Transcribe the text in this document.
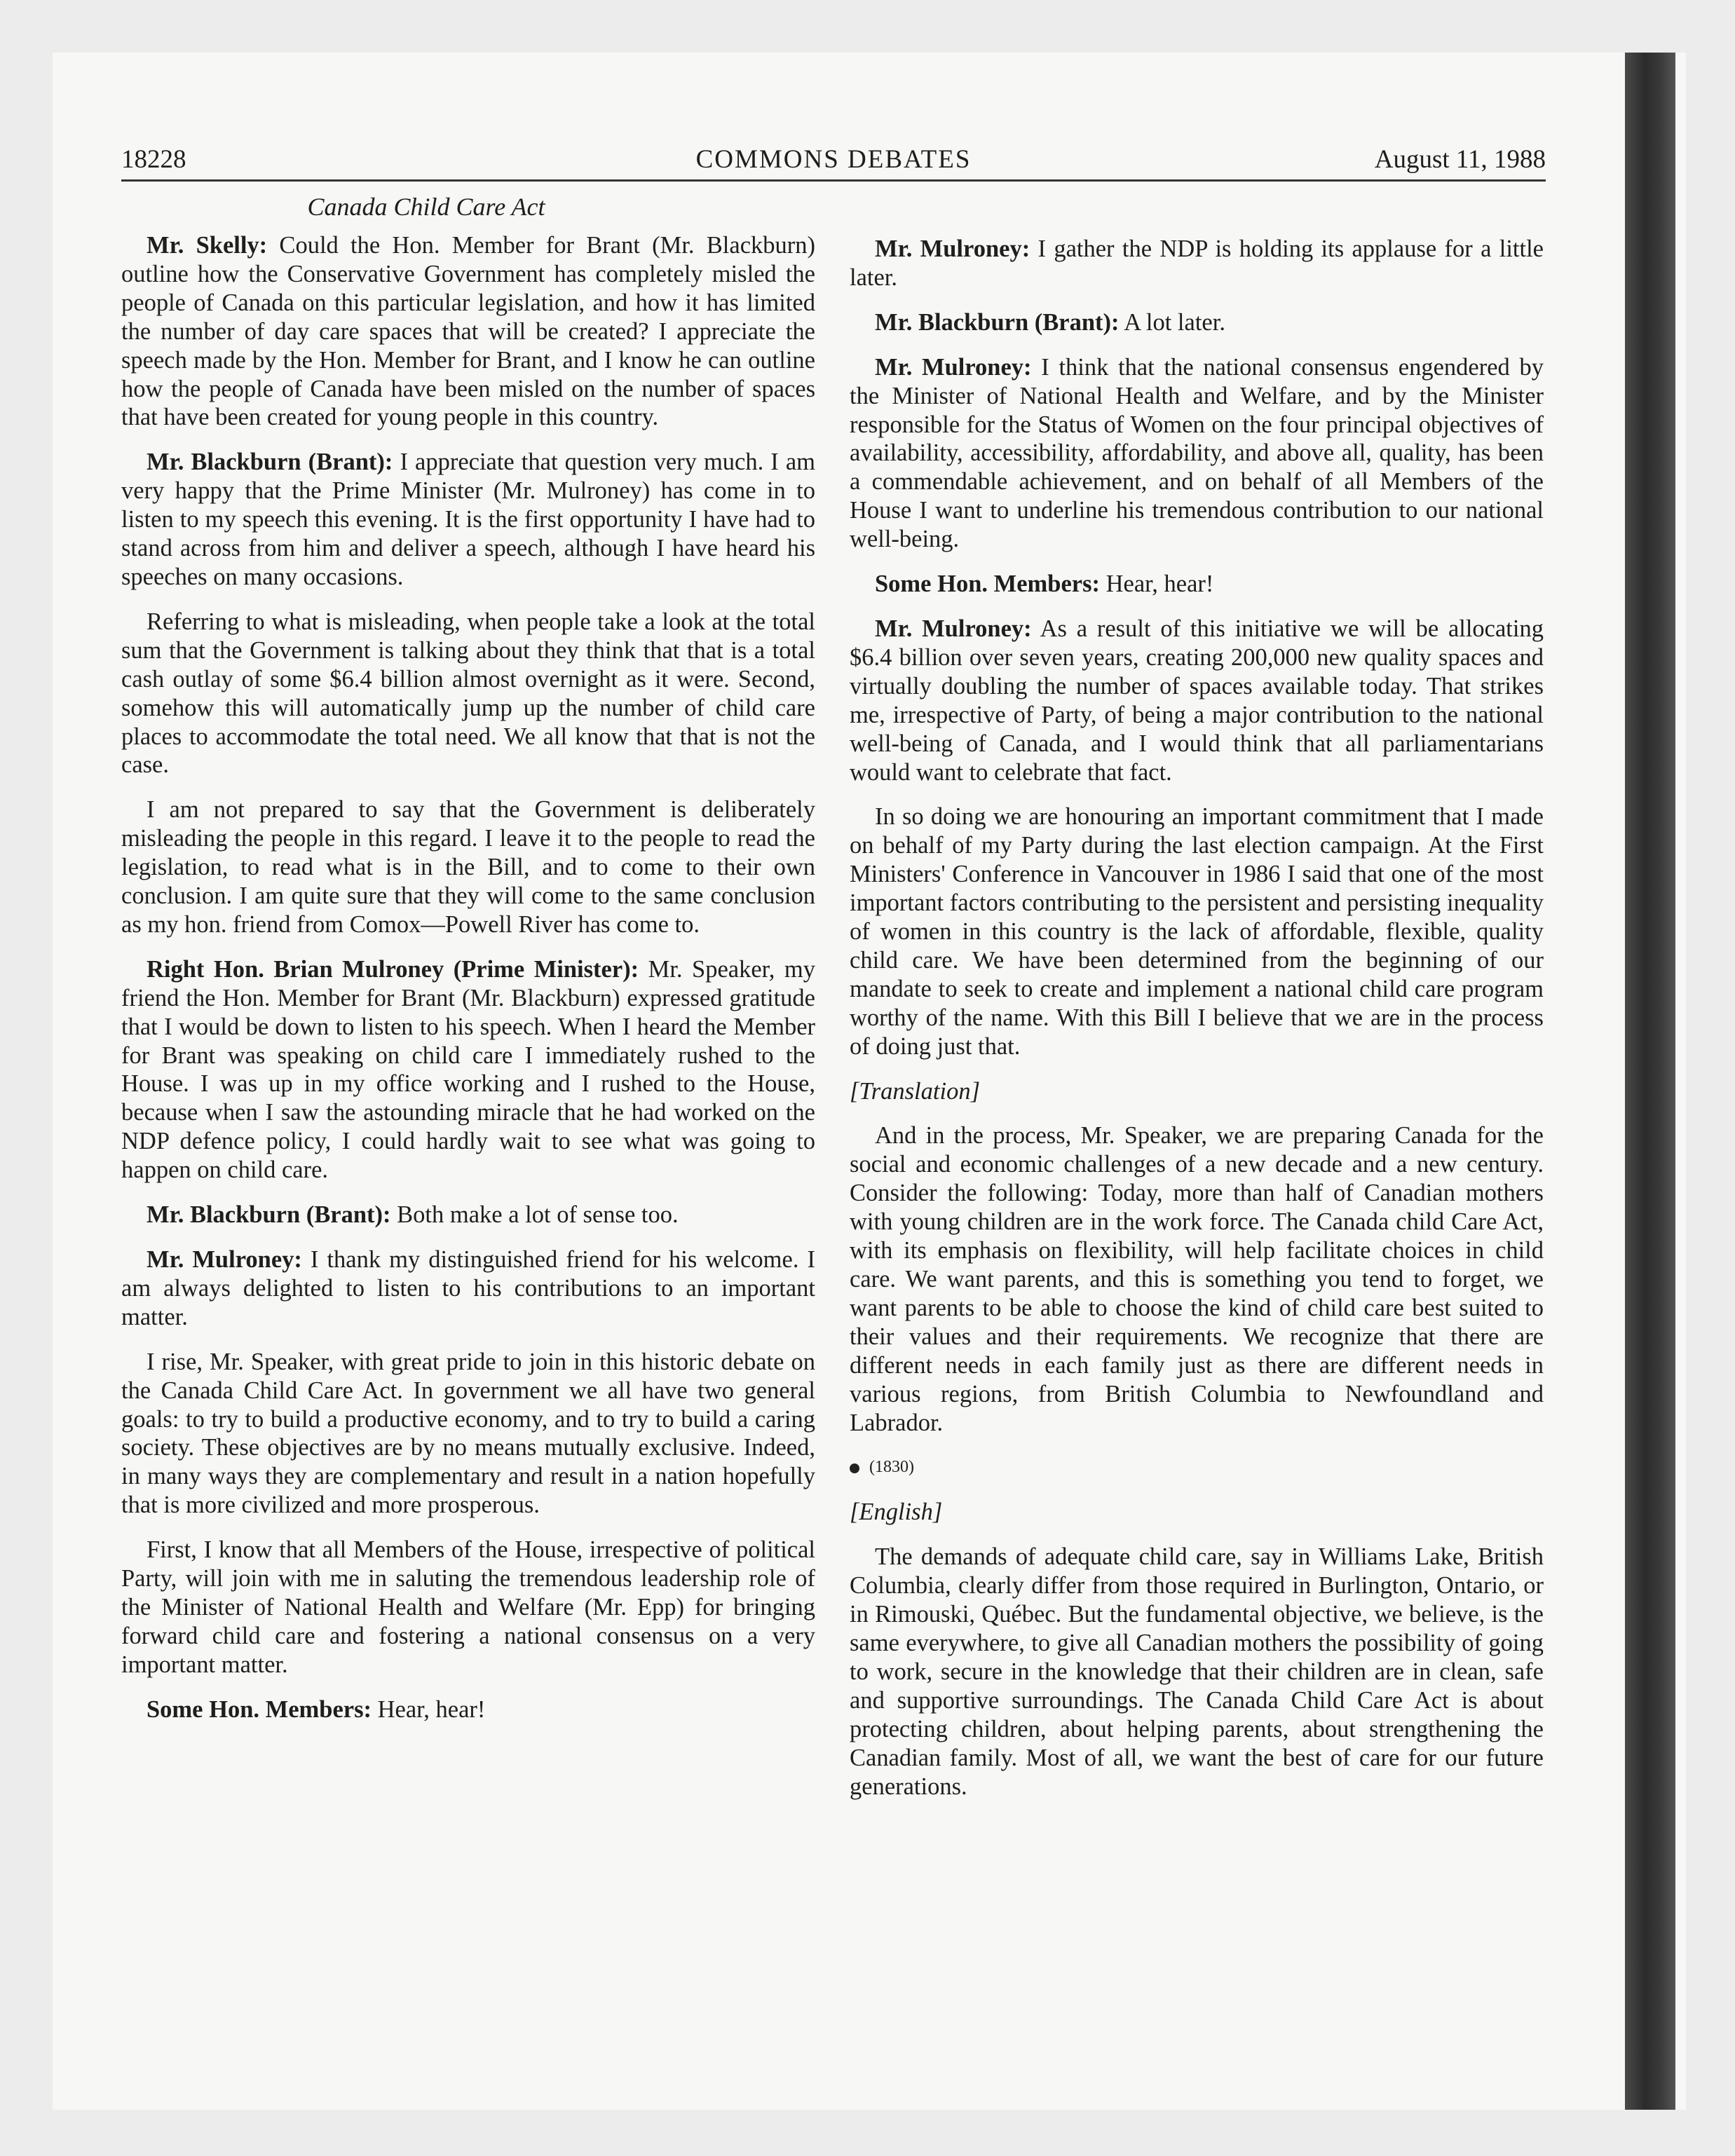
18228	COMMONS DEBATES	August 11, 1988
Canada Child Care Act

Mr. Skelly: Could the Hon. Member for Brant (Mr. Blackburn) outline how the Conservative Government has completely misled the people of Canada on this particular legislation, and how it has limited the number of day care spaces that will be created? I appreciate the speech made by the Hon. Member for Brant, and I know he can outline how the people of Canada have been misled on the number of spaces that have been created for young people in this country.

Mr. Blackburn (Brant): I appreciate that question very much. I am very happy that the Prime Minister (Mr. Mulroney) has come in to listen to my speech this evening. It is the first opportunity I have had to stand across from him and deliver a speech, although I have heard his speeches on many occasions.

Referring to what is misleading, when people take a look at the total sum that the Government is talking about they think that that is a total cash outlay of some $6.4 billion almost overnight as it were. Second, somehow this will automatically jump up the number of child care places to accommodate the total need. We all know that that is not the case.

I am not prepared to say that the Government is deliberately misleading the people in this regard. I leave it to the people to read the legislation, to read what is in the Bill, and to come to their own conclusion. I am quite sure that they will come to the same conclusion as my hon. friend from Comox—Powell River has come to.

Right Hon. Brian Mulroney (Prime Minister): Mr. Speaker, my friend the Hon. Member for Brant (Mr. Blackburn) expressed gratitude that I would be down to listen to his speech. When I heard the Member for Brant was speaking on child care I immediately rushed to the House. I was up in my office working and I rushed to the House, because when I saw the astounding miracle that he had worked on the NDP defence policy, I could hardly wait to see what was going to happen on child care.

Mr. Blackburn (Brant): Both make a lot of sense too.

Mr. Mulroney: I thank my distinguished friend for his welcome. I am always delighted to listen to his contributions to an important matter.

I rise, Mr. Speaker, with great pride to join in this historic debate on the Canada Child Care Act. In government we all have two general goals: to try to build a productive economy, and to try to build a caring society. These objectives are by no means mutually exclusive. Indeed, in many ways they are complementary and result in a nation hopefully that is more civilized and more prosperous.

First, I know that all Members of the House, irrespective of political Party, will join with me in saluting the tremendous leadership role of the Minister of National Health and Welfare (Mr. Epp) for bringing forward child care and fostering a national consensus on a very important matter.

Some Hon. Members: Hear, hear!

Mr. Mulroney: I gather the NDP is holding its applause for a little later.

Mr. Blackburn (Brant): A lot later.

Mr. Mulroney: I think that the national consensus engendered by the Minister of National Health and Welfare, and by the Minister responsible for the Status of Women on the four principal objectives of availability, accessibility, affordability, and above all, quality, has been a commendable achievement, and on behalf of all Members of the House I want to underline his tremendous contribution to our national well-being.

Some Hon. Members: Hear, hear!

Mr. Mulroney: As a result of this initiative we will be allocating $6.4 billion over seven years, creating 200,000 new quality spaces and virtually doubling the number of spaces available today. That strikes me, irrespective of Party, of being a major contribution to the national well-being of Canada, and I would think that all parliamentarians would want to celebrate that fact.

In so doing we are honouring an important commitment that I made on behalf of my Party during the last election campaign. At the First Ministers' Conference in Vancouver in 1986 I said that one of the most important factors contributing to the persistent and persisting inequality of women in this country is the lack of affordable, flexible, quality child care. We have been determined from the beginning of our mandate to seek to create and implement a national child care program worthy of the name. With this Bill I believe that we are in the process of doing just that.

[Translation]

And in the process, Mr. Speaker, we are preparing Canada for the social and economic challenges of a new decade and a new century. Consider the following: Today, more than half of Canadian mothers with young children are in the work force. The Canada child Care Act, with its emphasis on flexibility, will help facilitate choices in child care. We want parents, and this is something you tend to forget, we want parents to be able to choose the kind of child care best suited to their values and their requirements. We recognize that there are different needs in each family just as there are different needs in various regions, from British Columbia to Newfoundland and Labrador.

(1830)

[English]

The demands of adequate child care, say in Williams Lake, British Columbia, clearly differ from those required in Burlington, Ontario, or in Rimouski, Québec. But the fundamental objective, we believe, is the same everywhere, to give all Canadian mothers the possibility of going to work, secure in the knowledge that their children are in clean, safe and supportive surroundings. The Canada Child Care Act is about protecting children, about helping parents, about strengthening the Canadian family. Most of all, we want the best of care for our future generations.
